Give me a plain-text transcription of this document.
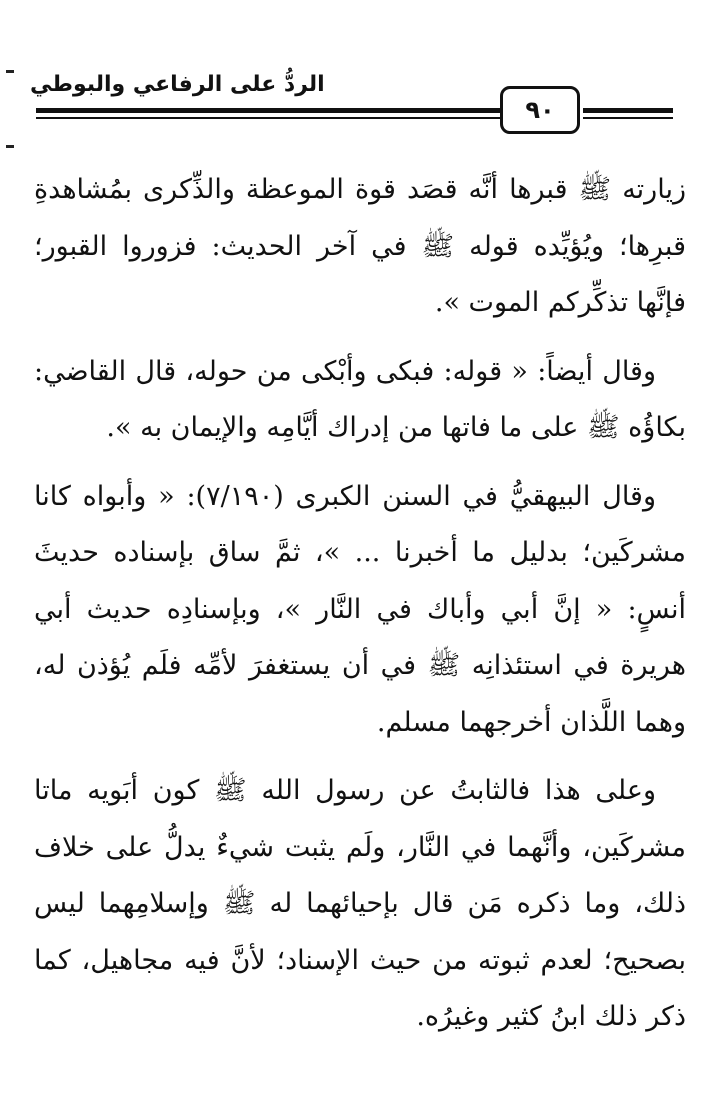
الردُّ على الرفاعي والبوطي
٩٠

زيارته ﷺ قبرها أنَّه قصَد قوة الموعظة والذِّكرى بمُشاهدةِ قبرِها؛ ويُؤيِّده قوله ﷺ في آخر الحديث: فزوروا القبور؛ فإنَّها تذكِّركم الموت ».

وقال أيضاً: « قوله: فبكى وأبْكى من حوله، قال القاضي: بكاؤُه ﷺ على ما فاتها من إدراك أيَّامِه والإيمان به ».

وقال البيهقيُّ في السنن الكبرى (٧/١٩٠): « وأبواه كانا مشركَين؛ بدليل ما أخبرنا ... »، ثمَّ ساق بإسناده حديثَ أنسٍ: « إنَّ أبي وأباك في النَّار »، وبإسنادِه حديث أبي هريرة في استئذانِه ﷺ في أن يستغفرَ لأمِّه فلَم يُؤذن له، وهما اللَّذان أخرجهما مسلم.

وعلى هذا فالثابتُ عن رسول الله ﷺ كون أبَويه ماتا مشركَين، وأنَّهما في النَّار، ولَم يثبت شيءٌ يدلُّ على خلاف ذلك، وما ذكره مَن قال بإحيائهما له ﷺ وإسلامِهما ليس بصحيح؛ لعدم ثبوته من حيث الإسناد؛ لأنَّ فيه مجاهيل، كما ذكر ذلك ابنُ كثير وغيرُه.
